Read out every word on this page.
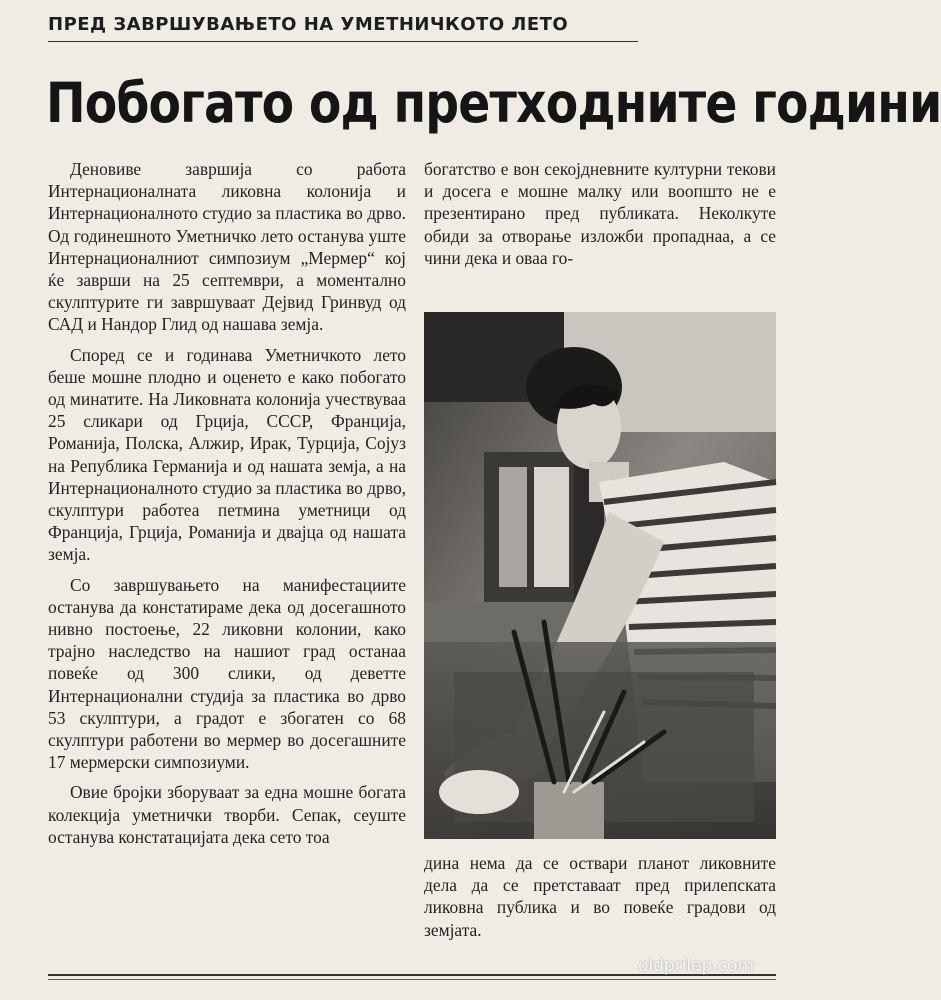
ПРЕД ЗАВРШУВАЊЕТО НА УМЕТНИЧКОТО ЛЕТО
Побогато од претходните години

Деновиве завршија со работа Интернационалната ликовна колонија и Интернационалното студио за пластика во дрво. Од годинешното Уметничко лето останува уште Интернационалниот симпозиум „Мермер“ кој ќе заврши на 25 септември, а моментално скулптурите ги завршуваат Дејвид Гринвуд од САД и Нандор Глид од нашава земја.

Според се и годинава Уметничкото лето беше мошне плодно и оценето е како побогато од минатите. На Ликовната колонија учествуваа 25 сликари од Грција, СССР, Франција, Романија, Полска, Алжир, Ирак, Турција, Сојуз на Република Германија и од нашата земја, а на Интернационалното студио за пластика во дрво, скулптури работеа петмина уметници од Франција, Грција, Романија и двајца од нашата земја.

Со завршувањето на манифестациите останува да констатираме дека од досегашното нивно постоење, 22 ликовни колонии, како трајно наследство на нашиот град останаа повеќе од 300 слики, од деветте Интернационални студија за пластика во дрво 53 скулптури, а градот е збогатен со 68 скулптури работени во мермер во досегашните 17 мермерски симпозиуми.

Овие бројки зборуваат за една мошне богата колекција уметнички творби. Сепак, сеуште останува констатацијата дека сето тоа

богатство е вон секојдневните културни текови и досега е мошне малку или воопшто не е презентирано пред публиката. Неколкуте обиди за отворање изложби пропаднаа, а се чини дека и оваа го-

дина нема да се оствари планот ликовните дела да се претставаат пред прилепската ликовна публика и во повеќе градови од земјата.

oldprilep.com
